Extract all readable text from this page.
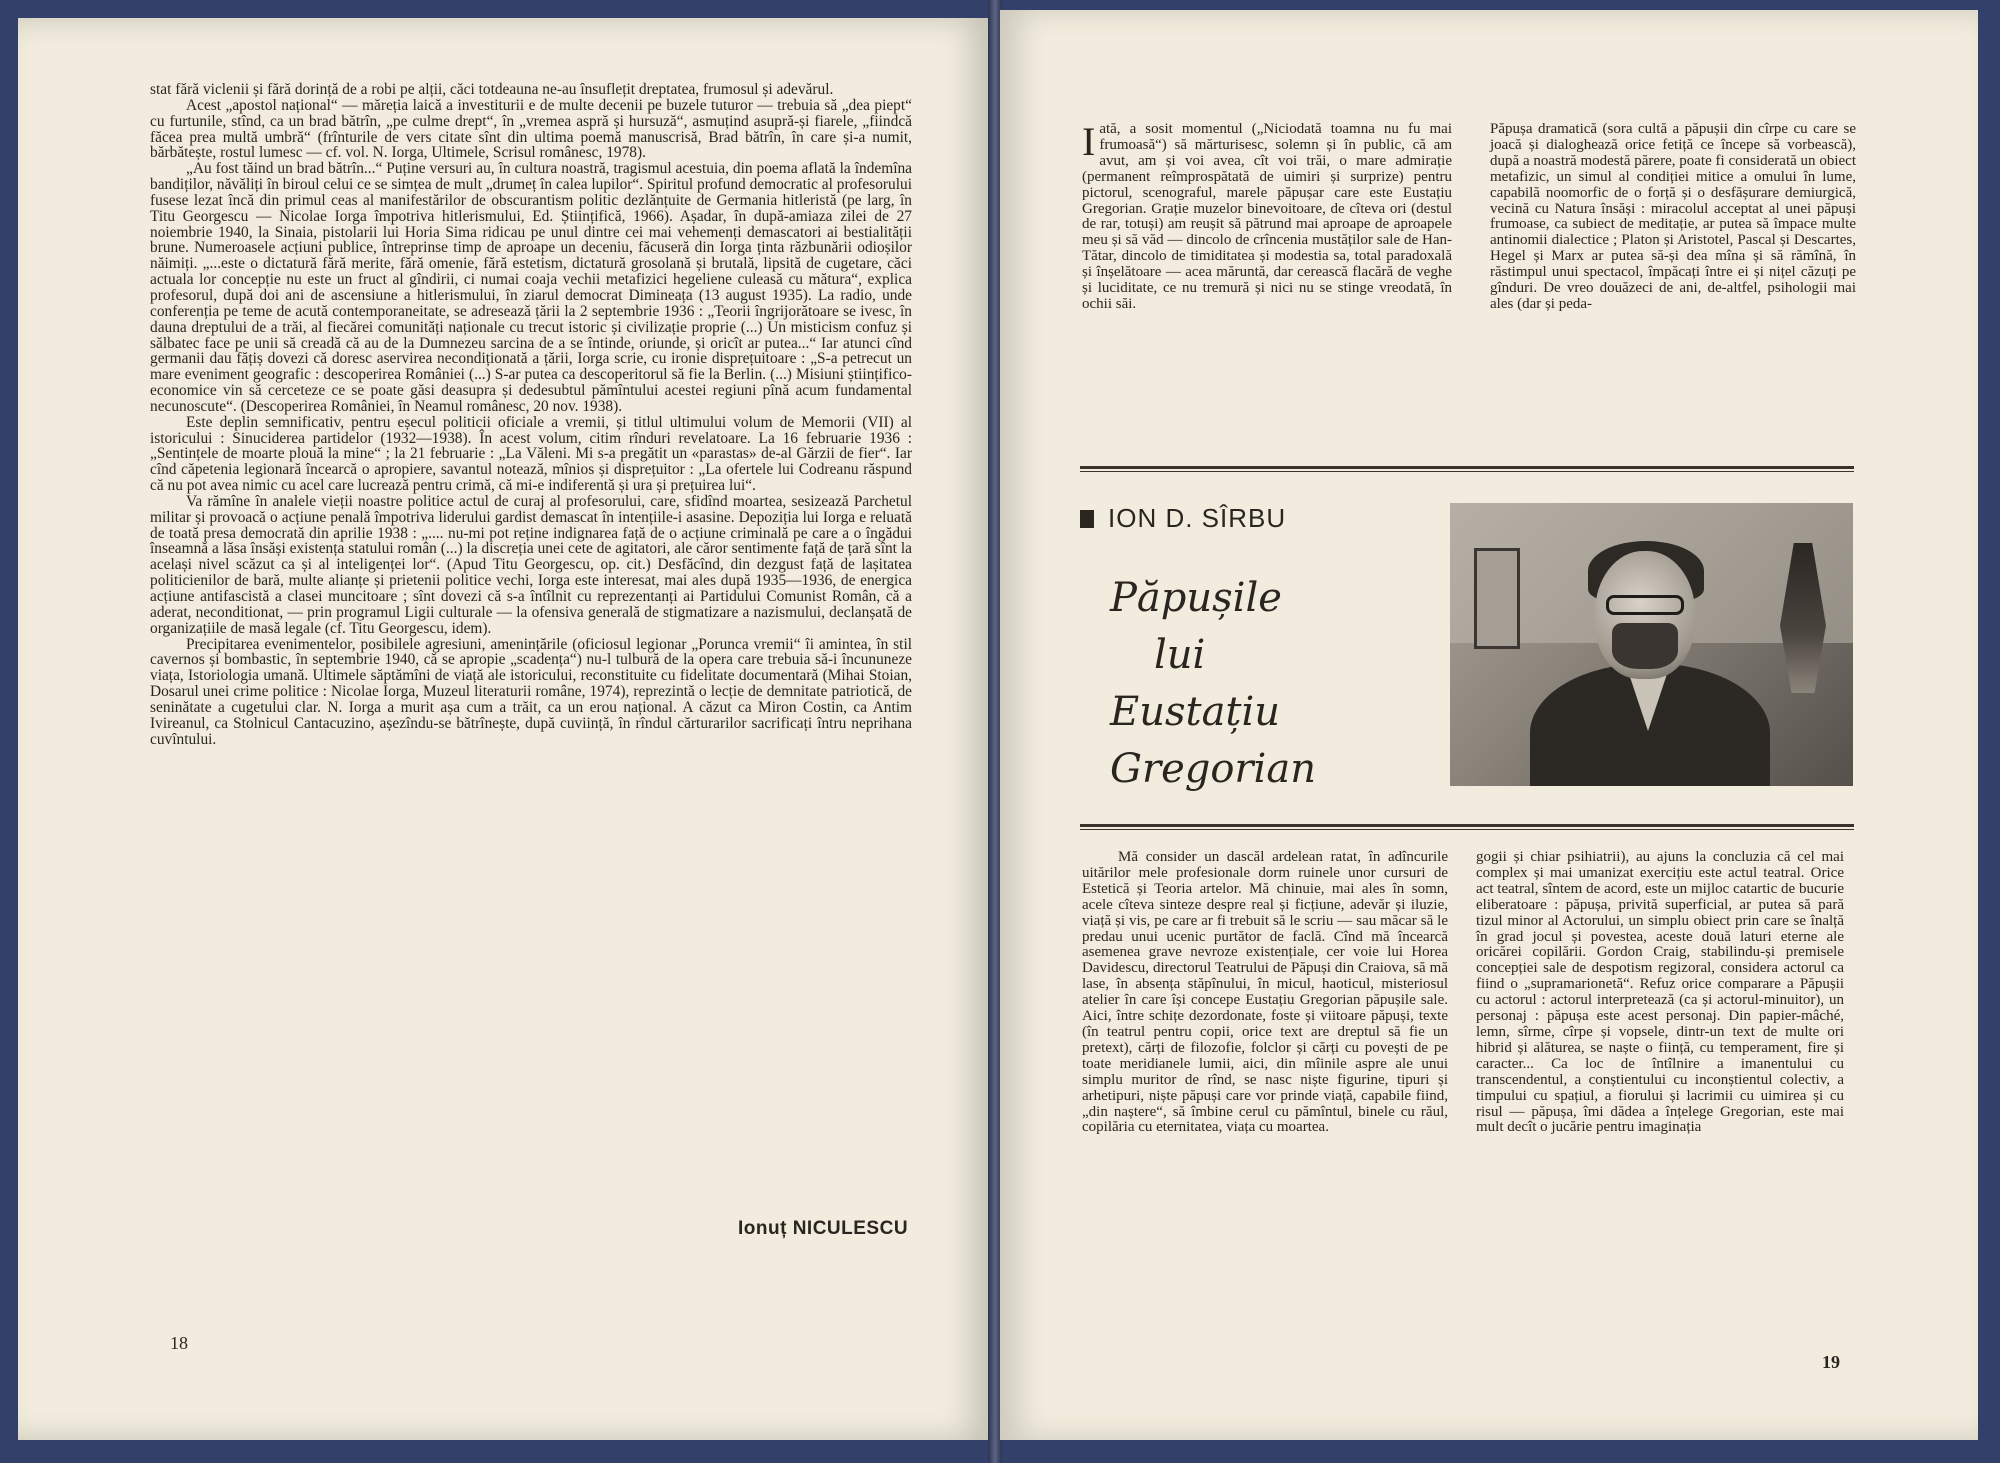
stat fără viclenii și fără dorință de a robi pe alții, căci totdeauna ne-au însuflețit dreptatea, frumosul și adevărul.

Acest „apostol național“ — măreția laică a investiturii e de multe decenii pe buzele tuturor — trebuia să „dea piept“ cu furtunile, stînd, ca un brad bătrîn, „pe culme drept“, în „vremea aspră și hursuză“, asmuțind asupră-și fiarele, „fiindcă făcea prea multă umbră“ (frînturile de vers citate sînt din ultima poemă manuscrisă, Brad bătrîn, în care și-a numit, bărbătește, rostul lumesc — cf. vol. N. Iorga, Ultimele, Scrisul românesc, 1978).

„Au fost tăind un brad bătrîn...“ Puține versuri au, în cultura noastră, tragismul acestuia, din poema aflată la îndemîna bandiților, năvăliți în biroul celui ce se simțea de mult „drumeț în calea lupilor“. Spiritul profund democratic al profesorului fusese lezat încă din primul ceas al manifestărilor de obscurantism politic dezlănțuite de Germania hitleristă (pe larg, în Titu Georgescu — Nicolae Iorga împotriva hitlerismului, Ed. Științifică, 1966). Așadar, în după-amiaza zilei de 27 noiembrie 1940, la Sinaia, pistolarii lui Horia Sima ridicau pe unul dintre cei mai vehemenți demascatori ai bestialității brune. Numeroasele acțiuni publice, întreprinse timp de aproape un deceniu, făcuseră din Iorga ținta răzbunării odioșilor năimiți. „...este o dictatură fără merite, fără omenie, fără estetism, dictatură grosolană și brutală, lipsită de cugetare, căci actuala lor concepție nu este un fruct al gîndirii, ci numai coaja vechii metafizici hegeliene culeasă cu mătura“, explica profesorul, după doi ani de ascensiune a hitlerismului, în ziarul democrat Dimineața (13 august 1935). La radio, unde conferențiа pe teme de acută contemporaneitate, se adresează țării la 2 septembrie 1936 : „Teorii îngrijorătoare se ivesc, în dauna dreptului de a trăi, al fiecărei comunități naționale cu trecut istoric și civilizație proprie (...) Un misticism confuz și sălbatec face pe unii să creadă că au de la Dumnezeu sarcina de a se întinde, oriunde, și oricît ar putea...“ Iar atunci cînd germanii dau fățiș dovezi că doresc aservirea necondiționată a țării, Iorga scrie, cu ironie disprețuitoare : „S-a petrecut un mare eveniment geografic : descoperirea României (...) S-ar putea ca descoperitorul să fie la Berlin. (...) Misiuni științifico-economice vin să cerceteze ce se poate găsi deasupra și dedesubtul pămîntului acestei regiuni pînă acum fundamental necunoscute“. (Descoperirea României, în Neamul românesc, 20 nov. 1938).

Este deplin semnificativ, pentru eșecul politicii oficiale a vremii, și titlul ultimului volum de Memorii (VII) al istoricului : Sinuciderea partidelor (1932—1938). În acest volum, citim rînduri revelatoare. La 16 februarie 1936 : „Sentințele de moarte plouă la mine“ ; la 21 februarie : „La Văleni. Mi s-a pregătit un «parastas» de-al Gărzii de fier“. Iar cînd căpetenia legionară încearcă o apropiere, savantul notează, mînios și disprețuitor : „La ofertele lui Codreanu răspund că nu pot avea nimic cu acel care lucrează pentru crimă, că mi-e indiferentă și ura și prețuirea lui“.

Va rămîne în analele vieții noastre politice actul de curaj al profesorului, care, sfidînd moartea, sesizează Parchetul militar și provoacă o acțiune penală împotriva liderului gardist demascat în intențiile-i asasine. Depoziția lui Iorga e reluată de toată presa democrată din aprilie 1938 : „.... nu-mi pot reține indignarea față de o acțiune criminală pe care a o îngădui înseamnă a lăsa însăși existența statului român (...) la discreția unei cete de agitatori, ale căror sentimente față de țară sînt la același nivel scăzut ca și al inteligenței lor“. (Apud Titu Georgescu, op. cit.) Desfăcînd, din dezgust față de lașitatea politicienilor de bară, multe alianțe și prietenii politice vechi, Iorga este interesat, mai ales după 1935—1936, de energica acțiune antifascistă a clasei muncitoare ; sînt dovezi că s-a întîlnit cu reprezentanți ai Partidului Comunist Român, că a aderat, neconditionat, — prin programul Ligii culturale — la ofensiva generală de stigmatizare a nazismului, declanșată de organizațiile de masă legale (cf. Titu Georgescu, idem).

Precipitarea evenimentelor, posibilele agresiuni, amenințările (oficiosul legionar „Porunca vremii“ îi amintea, în stil cavernos și bombastic, în septembrie 1940, că se apropie „scadența“) nu-l tulbură de la opera care trebuia să-i încununeze viața, Istoriologia umană. Ultimele săptămîni de viață ale istoricului, reconstituite cu fidelitate documentară (Mihai Stoian, Dosarul unei crime politice : Nicolae Iorga, Muzeul literaturii române, 1974), reprezintă o lecție de demnitate patriotică, de seninătate a cugetului clar. N. Iorga a murit așa cum a trăit, ca un erou național. A căzut ca Miron Costin, ca Antim Ivireanul, ca Stolnicul Cantacuzino, așezîndu-se bătrînește, după cuviință, în rîndul cărturarilor sacrificați întru neprihana cuvîntului.

Ionuț NICULESCU
18
I ată, a sosit momentul („Niciodată toamna nu fu mai frumoasă“) să mărturisesc, solemn și în public, că am avut, am și voi avea, cît voi trăi, o mare admirație (permanent reîmprospătată de uimiri și surprize) pentru pictorul, scenograful, marele păpușar care este Eustațiu Gregorian. Grație muzelor binevoitoare, de cîteva ori (destul de rar, totuși) am reușit să pătrund mai aproape de aproapele meu și să văd — dincolo de crîncenia mustăților sale de Han-Tătar, dincolo de timiditatea și modestia sa, total paradoxală și înșelătoare — acea măruntă, dar cerească flacără de veghe și luciditate, ce nu tremură și nici nu se stinge vreodată, în ochii săi.
Păpușa dramatică (sora cultă a păpușii din cîrpe cu care se joacă și dialoghează orice fetiță ce începe să vorbească), după a noastră modestă părere, poate fi considerată un obiect metafizic, un simul al condiției mitice a omului în lume, capabilă noomorfic de o forță și o desfășurare demiurgică, vecină cu Natura însăși : miracolul acceptat al unei păpuși frumoase, ca subiect de meditație, ar putea să împace multe antinomii dialectice ; Platon și Aristotel, Pascal și Descartes, Hegel și Marx ar putea să-și dea mîna și să rămînă, în răstimpul unui spectacol, împăcați între ei și nițel căzuți pe gînduri. De vreo douăzeci de ani, de-altfel, psihologii mai ales (dar și peda-
ION D. SÎRBU
Păpușile
lui
Eustațiu
Gregorian

Mă consider un dascăl ardelean ratat, în adîncurile uitărilor mele profesionale dorm ruinele unor cursuri de Estetică și Teoria artelor. Mă chinuie, mai ales în somn, acele cîteva sinteze despre real și ficțiune, adevăr și iluzie, viață și vis, pe care ar fi trebuit să le scriu — sau măcar să le predau unui ucenic purtător de faclă. Cînd mă încearcă asemenea grave nevroze existențiale, cer voie lui Horea Davidescu, directorul Teatrului de Păpuși din Craiova, să mă lase, în absența stăpînului, în micul, haoticul, misteriosul atelier în care își concepe Eustațiu Gregorian păpușile sale. Aici, între schițe dezordonate, foste și viitoare păpuși, texte (în teatrul pentru copii, orice text are dreptul să fie un pretext), cărți de filozofie, folclor și cărți cu povești de pe toate meridianele lumii, aici, din mîinile aspre ale unui simplu muritor de rînd, se nasc niște figurine, tipuri și arhetipuri, niște păpuși care vor prinde viață, capabile fiind, „din naștere“, să îmbine cerul cu pămîntul, binele cu răul, copilăria cu eternitatea, viața cu moartea.

gogii și chiar psihiatrii), au ajuns la concluzia că cel mai complex și mai umanizat exercițiu este actul teatral. Orice act teatral, sîntem de acord, este un mijloc catartic de bucurie eliberatoare : păpușa, privită superficial, ar putea să pară tizul minor al Actorului, un simplu obiect prin care se înalță în grad jocul și povestea, aceste două laturi eterne ale oricărei copilării. Gordon Craig, stabilindu-și premisele concepției sale de despotism regizoral, considera actorul ca fiind o „supramarionetă“. Refuz orice comparare a Păpușii cu actorul : actorul interpretează (ca și actorul-minuitor), un personaj : păpușa este acest personaj. Din papier-mâché, lemn, sîrme, cîrpe și vopsele, dintr-un text de multe ori hibrid și alăturea, se naște o ființă, cu temperament, fire și caracter... Ca loc de întîlnire a imanentului cu transcendentul, a conștientului cu inconștientul colectiv, a timpului cu spațiul, a fiorului și lacrimii cu uimirea și cu risul — păpușa, îmi dădea a înțelege Gregorian, este mai mult decît o jucărie pentru imaginația

19
